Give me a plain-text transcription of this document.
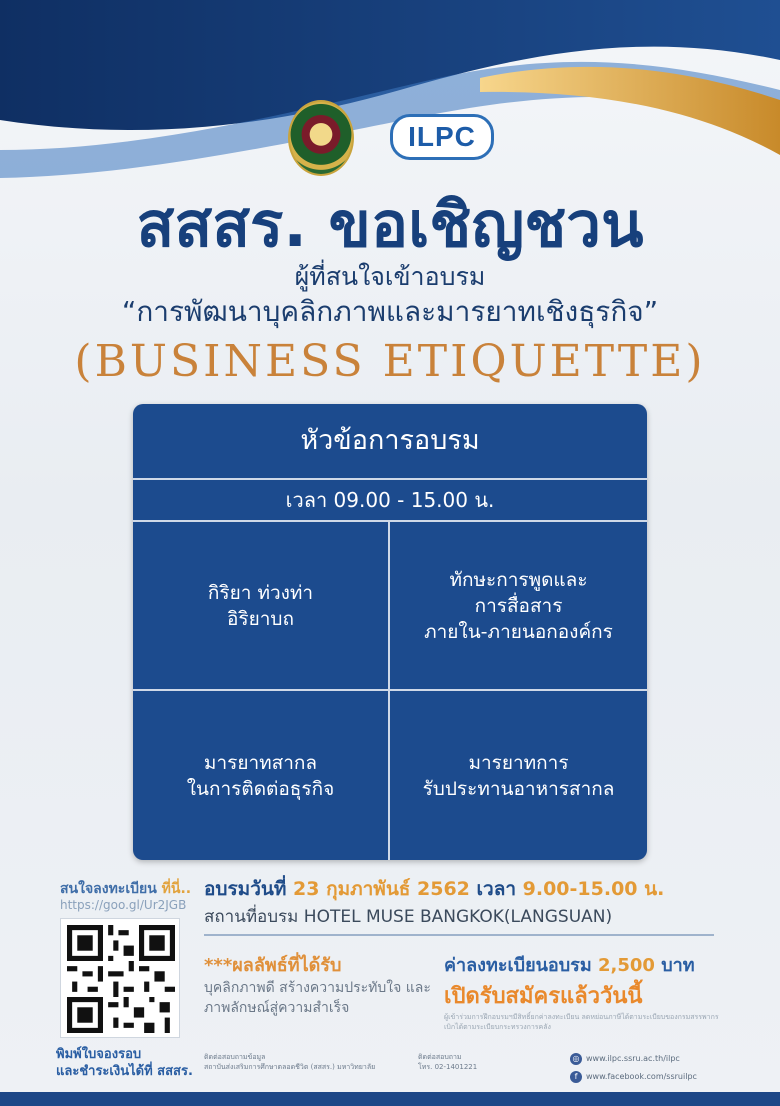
ILPC
สสสร. ขอเชิญชวน
ผู้ที่สนใจเข้าอบรม
“การพัฒนาบุคลิกภาพและมารยาทเชิงธุรกิจ”
(BUSINESS ETIQUETTE)
หัวข้อการอบรม
เวลา 09.00 - 15.00 น.
กิริยา ท่วงท่า
อิริยาบถ
ทักษะการพูดและ
การสื่อสาร
ภายใน-ภายนอกองค์กร
มารยาทสากล
ในการติดต่อธุรกิจ
มารยาทการ
รับประทานอาหารสากล
สนใจลงทะเบียน ที่นี่..
https://goo.gl/Ur2JGB
พิมพ์ใบจองรอบ
และชำระเงินได้ที่ สสสร.
อบรมวันที่ 23 กุมภาพันธ์ 2562 เวลา 9.00-15.00 น.
สถานที่อบรม HOTEL MUSE BANGKOK(LANGSUAN)
***ผลลัพธ์ที่ได้รับ
บุคลิกภาพดี สร้างความประทับใจ และภาพลักษณ์สู่ความสำเร็จ
ค่าลงทะเบียนอบรม 2,500 บาท
เปิดรับสมัครแล้ววันนี้
ผู้เข้าร่วมการฝึกอบรมฯมีสิทธิ์ยกค่าลงทะเบียน ลดหย่อนภาษีได้ตามระเบียบของกรมสรรพากร เบิกได้ตามระเบียบกระทรวงการคลัง
ติดต่อสอบถามข้อมูล
สถาบันส่งเสริมการศึกษาตลอดชีวิต (สสสร.) มหาวิทยาลัย
ติดต่อสอบถาม
โทร. 02-1401221
◎ www.ilpc.ssru.ac.th/ilpc
f www.facebook.com/ssruilpc
